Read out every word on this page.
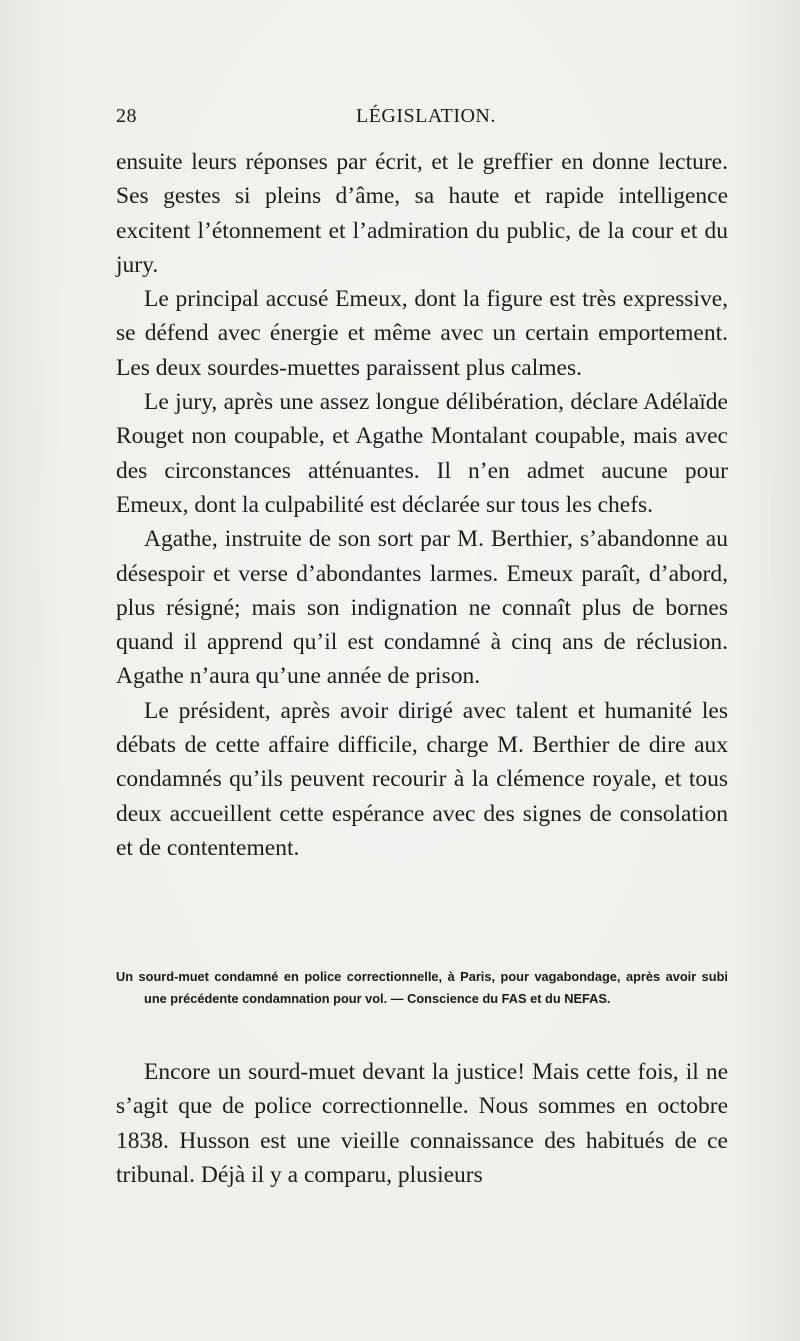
28	LÉGISLATION.

ensuite leurs réponses par écrit, et le greffier en donne lecture. Ses gestes si pleins d’âme, sa haute et rapide intelligence excitent l’étonnement et l’admiration du public, de la cour et du jury.

Le principal accusé Emeux, dont la figure est très expressive, se défend avec énergie et même avec un certain emportement. Les deux sourdes-muettes paraissent plus calmes.

Le jury, après une assez longue délibération, déclare Adélaïde Rouget non coupable, et Agathe Montalant coupable, mais avec des circonstances atténuantes. Il n’en admet aucune pour Emeux, dont la culpabilité est déclarée sur tous les chefs.

Agathe, instruite de son sort par M. Berthier, s’abandonne au désespoir et verse d’abondantes larmes. Emeux paraît, d’abord, plus résigné; mais son indignation ne connaît plus de bornes quand il apprend qu’il est condamné à cinq ans de réclusion. Agathe n’aura qu’une année de prison.

Le président, après avoir dirigé avec talent et humanité les débats de cette affaire difficile, charge M. Berthier de dire aux condamnés qu’ils peuvent recourir à la clémence royale, et tous deux accueillent cette espérance avec des signes de consolation et de contentement.

Un sourd-muet condamné en police correctionnelle, à Paris, pour vagabondage, après avoir subi une précédente condamnation pour vol. — Conscience du FAS et du NEFAS.

Encore un sourd-muet devant la justice! Mais cette fois, il ne s’agit que de police correctionnelle. Nous sommes en octobre 1838. Husson est une vieille connaissance des habitués de ce tribunal. Déjà il y a comparu, plusieurs
